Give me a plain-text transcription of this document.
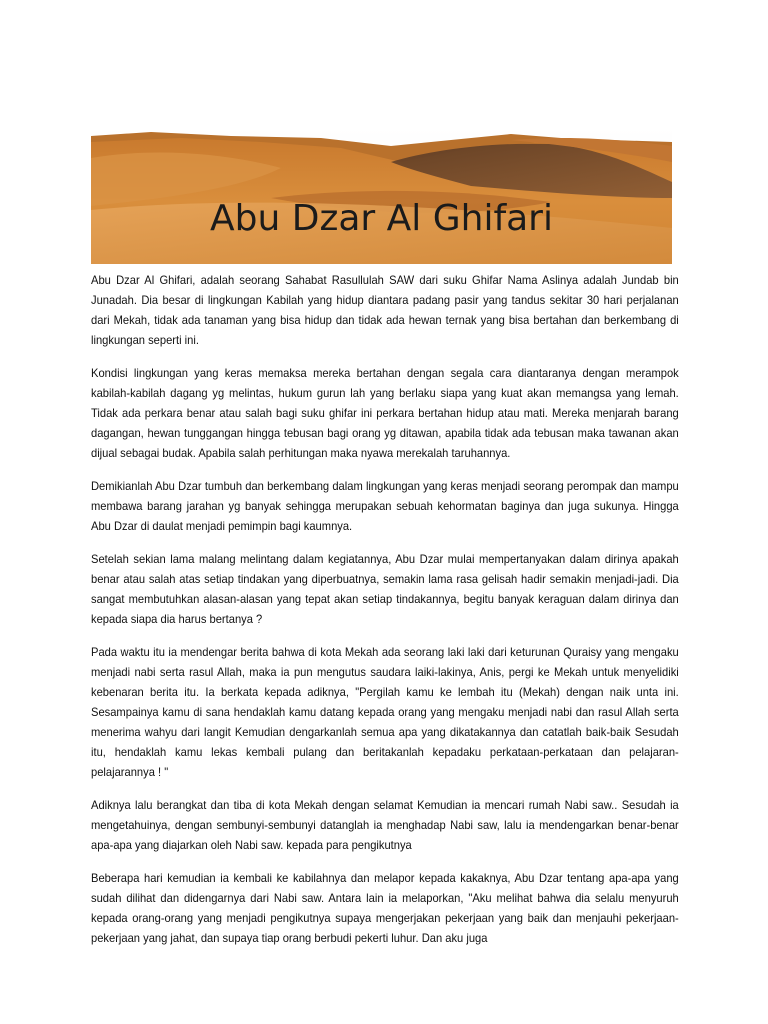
Abu Dzar Al Ghifari

Abu Dzar Al Ghifari, adalah seorang Sahabat Rasullulah SAW dari suku Ghifar Nama Aslinya adalah Jundab bin Junadah. Dia besar di lingkungan Kabilah yang hidup diantara padang pasir yang tandus sekitar 30 hari perjalanan dari Mekah, tidak ada tanaman yang bisa hidup dan tidak ada hewan ternak yang bisa bertahan dan berkembang di lingkungan seperti ini.

Kondisi lingkungan yang keras memaksa mereka bertahan dengan segala cara diantaranya dengan merampok kabilah-kabilah dagang yg melintas, hukum gurun lah yang berlaku siapa yang kuat akan memangsa yang lemah. Tidak ada perkara benar atau salah bagi suku ghifar ini perkara bertahan hidup atau mati. Mereka menjarah barang dagangan, hewan tunggangan hingga tebusan bagi orang yg ditawan, apabila tidak ada tebusan maka tawanan akan dijual sebagai budak. Apabila salah perhitungan maka nyawa merekalah taruhannya.

Demikianlah Abu Dzar tumbuh dan berkembang dalam lingkungan yang keras menjadi seorang perompak dan mampu membawa barang jarahan yg banyak sehingga merupakan sebuah kehormatan baginya dan juga sukunya. Hingga Abu Dzar di daulat menjadi pemimpin bagi kaumnya.

Setelah sekian lama malang melintang dalam kegiatannya, Abu Dzar mulai mempertanyakan dalam dirinya apakah benar atau salah atas setiap tindakan yang diperbuatnya, semakin lama rasa gelisah hadir semakin menjadi-jadi. Dia sangat membutuhkan alasan-alasan yang tepat akan setiap tindakannya, begitu banyak keraguan dalam dirinya dan kepada siapa dia harus bertanya ?

Pada waktu itu ia mendengar berita bahwa di kota Mekah ada seorang laki laki dari keturunan Quraisy yang mengaku menjadi nabi serta rasul Allah, maka ia pun mengutus saudara laiki-lakinya, Anis, pergi ke Mekah untuk menyelidiki kebenaran berita itu. Ia berkata kepada adiknya, "Pergilah kamu ke lembah itu (Mekah) dengan naik unta ini. Sesampainya kamu di sana hendaklah kamu datang kepada orang yang mengaku menjadi nabi dan rasul Allah serta menerima wahyu dari langit Kemudian dengarkanlah semua apa yang dikatakannya dan catatlah baik-baik Sesudah itu, hendaklah kamu lekas kembali pulang dan beritakanlah kepadaku perkataan-perkataan dan pelajaran-pelajarannya ! "

Adiknya lalu berangkat dan tiba di kota Mekah dengan selamat Kemudian ia mencari rumah Nabi saw.. Sesudah ia mengetahuinya, dengan sembunyi-sembunyi datanglah ia menghadap Nabi saw, lalu ia mendengarkan benar-benar apa-apa yang diajarkan oleh Nabi saw. kepada para pengikutnya

Beberapa hari kemudian ia kembali ke kabilahnya dan melapor kepada kakaknya, Abu Dzar tentang apa-apa yang sudah dilihat dan didengarnya dari Nabi saw. Antara lain ia melaporkan, "Aku melihat bahwa dia selalu menyuruh kepada orang-orang yang menjadi pengikutnya supaya mengerjakan pekerjaan yang baik dan menjauhi pekerjaan-pekerjaan yang jahat, dan supaya tiap orang berbudi pekerti luhur. Dan aku juga
